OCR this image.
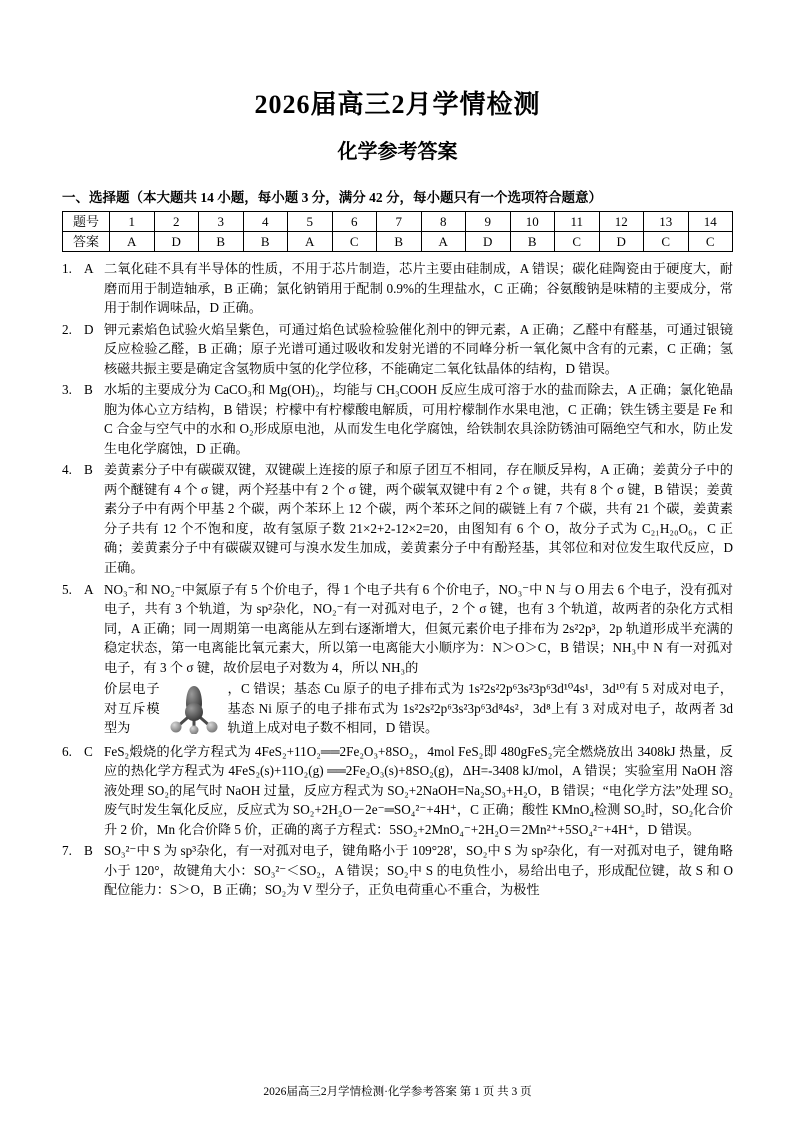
2026届高三2月学情检测
化学参考答案
一、选择题（本大题共 14 小题，每小题 3 分，满分 42 分，每小题只有一个选项符合题意）
题号	1	2	3	4	5	6	7	8	9	10	11	12	13	14
答案	A	D	B	B	A	C	B	A	D	B	C	D	C	C
1. A 二氧化硅不具有半导体的性质，不用于芯片制造，芯片主要由硅制成，A 错误；碳化硅陶瓷由于硬度大，耐磨而用于制造轴承，B 正确；氯化钠销用于配制 0.9%的生理盐水，C 正确；谷氨酸钠是味精的主要成分，常用于制作调味品，D 正确。

2. D 钾元素焰色试验火焰呈紫色，可通过焰色试验检验催化剂中的钾元素，A 正确；乙醛中有醛基，可通过银镜反应检验乙醛，B 正确；原子光谱可通过吸收和发射光谱的不同峰分析一氧化氮中含有的元素，C 正确；氢核磁共振主要是确定含氢物质中氢的化学位移，不能确定二氧化钛晶体的结构，D 错误。

3. B 水垢的主要成分为 CaCO₃和 Mg(OH)₂，均能与 CH₃COOH 反应生成可溶于水的盐而除去，A 正确；氯化铯晶胞为体心立方结构，B 错误；柠檬中有柠檬酸电解质，可用柠檬制作水果电池，C 正确；铁生锈主要是 Fe 和 C 合金与空气中的水和 O₂形成原电池，从而发生电化学腐蚀，给铁制农具涂防锈油可隔绝空气和水，防止发生电化学腐蚀，D 正确。

4. B 姜黄素分子中有碳碳双键，双键碳上连接的原子和原子团互不相同，存在顺反异构，A 正确；姜黄分子中的两个醚键有 4 个 σ 键，两个羟基中有 2 个 σ 键，两个碳氧双键中有 2 个 σ 键，共有 8 个 σ 键，B 错误；姜黄素分子中有两个甲基 2 个碳，两个苯环上 12 个碳，两个苯环之间的碳链上有 7 个碳，共有 21 个碳，姜黄素分子共有 12 个不饱和度，故有氢原子数 21×2+2-12×2=20，由图知有 6 个 O，故分子式为 C₂₁H₂₀O₆，C 正确；姜黄素分子中有碳碳双键可与溴水发生加成，姜黄素分子中有酚羟基，其邻位和对位发生取代反应，D 正确。

5. A NO₃⁻和 NO₂⁻中氮原子有 5 个价电子，得 1 个电子共有 6 个价电子，NO₃⁻中 N 与 O 用去 6 个电子，没有孤对电子，共有 3 个轨道，为 sp²杂化，NO₂⁻有一对孤对电子，2 个 σ 键，也有 3 个轨道，故两者的杂化方式相同，A 正确；同一周期第一电离能从左到右逐渐增大，但氮元素价电子排布为 2s²2p³，2p 轨道形成半充满的稳定状态，第一电离能比氧元素大，所以第一电离能大小顺序为：N＞O＞C，B 错误；NH₃中 N 有一对孤对电子，有 3 个 σ 键，故价层电子对数为 4，所以 NH₃的

价层电子对互斥模型为
，C 错误；基态 Cu 原子的电子排布式为 1s²2s²2p⁶3s²3p⁶3d¹⁰4s¹，3d¹⁰有 5 对成对电子，基态 Ni 原子的电子排布式为 1s²2s²2p⁶3s²3p⁶3d⁸4s²，3d⁸上有 3 对成对电子，故两者 3d 轨道上成对电子数不相同，D 错误。
6. C FeS₂煅烧的化学方程式为 4FeS₂+11O₂══2Fe₂O₃+8SO₂，4mol FeS₂即 480gFeS₂完全燃烧放出 3408kJ 热量，反应的热化学方程式为 4FeS₂(s)+11O₂(g) ══2Fe₂O₃(s)+8SO₂(g)，ΔH=-3408 kJ/mol，A 错误；实验室用 NaOH 溶液处理 SO₂的尾气时 NaOH 过量，反应方程式为 SO₂+2NaOH=Na₂SO₃+H₂O，B 错误；“电化学方法”处理 SO₂废气时发生氧化反应，反应式为 SO₂+2H₂O－2e⁻═SO₄²⁻+4H⁺，C 正确；酸性 KMnO₄检测 SO₂时，SO₂化合价升 2 价，Mn 化合价降 5 价，正确的离子方程式：5SO₂+2MnO₄⁻+2H₂O＝2Mn²⁺+5SO₄²⁻+4H⁺，D 错误。

7. B SO₃²⁻中 S 为 sp³杂化，有一对孤对电子，键角略小于 109°28'，SO₂中 S 为 sp²杂化，有一对孤对电子，键角略小于 120°，故键角大小：SO₃²⁻＜SO₂，A 错误；SO₂中 S 的电负性小，易给出电子，形成配位键，故 S 和 O 配位能力：S＞O，B 正确；SO₂为 V 型分子，正负电荷重心不重合，为极性

2026届高三2月学情检测·化学参考答案 第 1 页 共 3 页
